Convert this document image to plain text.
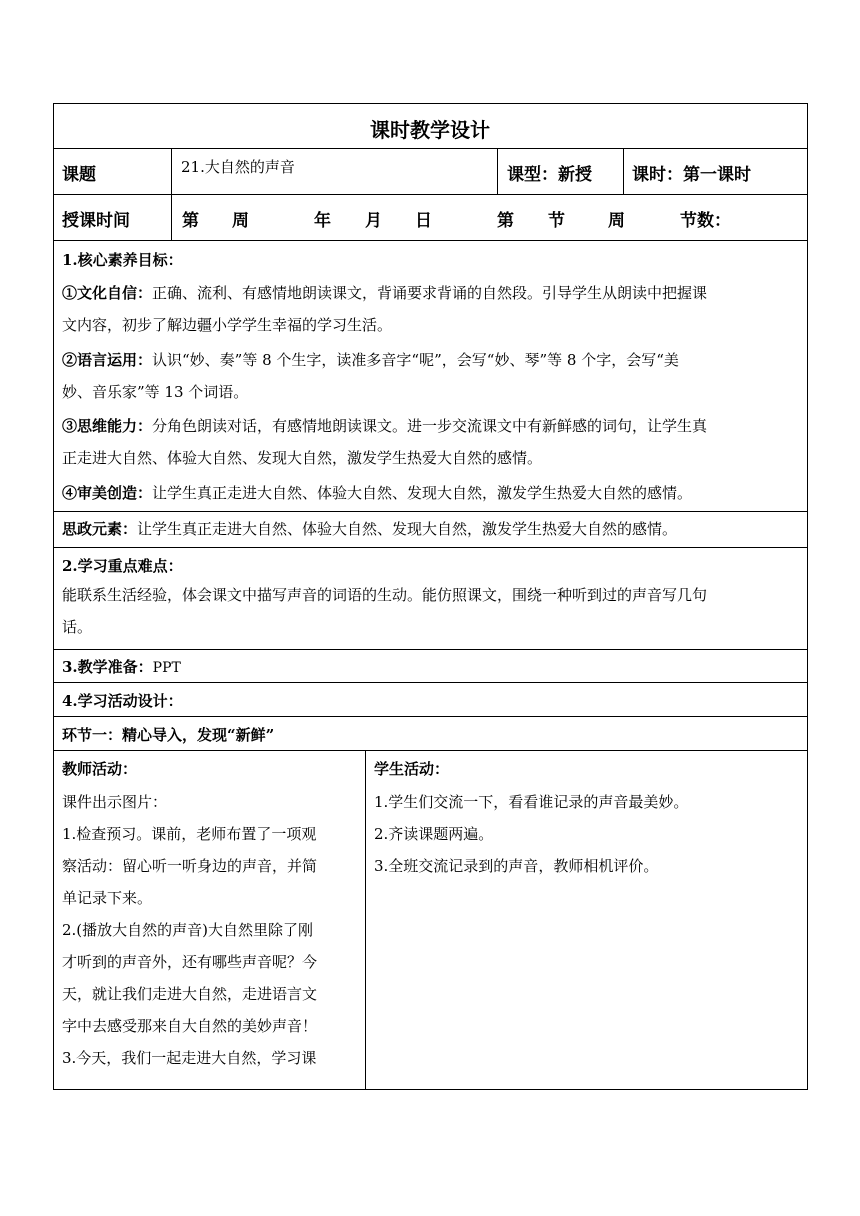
课时教学设计
课题	21.大自然的声音	课型：新授 课时：第一课时
授课时间	第 周	年 月 日	第 节	周	节数：
1.核心素养目标：
①文化自信：正确、流利、有感情地朗读课文，背诵要求背诵的自然段。引导学生从朗读中把握课
文内容，初步了解边疆小学学生幸福的学习生活。
②语言运用：认识“妙、奏”等 8 个生字，读准多音字“呢”，会写“妙、琴”等 8 个字，会写“美
妙、音乐家”等 13 个词语。
③思维能力：分角色朗读对话，有感情地朗读课文。进一步交流课文中有新鲜感的词句，让学生真
正走进大自然、体验大自然、发现大自然，激发学生热爱大自然的感情。
④审美创造：让学生真正走进大自然、体验大自然、发现大自然，激发学生热爱大自然的感情。
思政元素：让学生真正走进大自然、体验大自然、发现大自然，激发学生热爱大自然的感情。
2.学习重点难点：
能联系生活经验，体会课文中描写声音的词语的生动。能仿照课文，围绕一种听到过的声音写几句
话。
3.教学准备：PPT
4.学习活动设计：
环节一：精心导入，发现“新鲜”
教师活动：
课件出示图片：
1.检查预习。课前，老师布置了一项观
察活动：留心听一听身边的声音，并简
单记录下来。
2.(播放大自然的声音)大自然里除了刚
才听到的声音外，还有哪些声音呢？今
天，就让我们走进大自然，走进语言文
字中去感受那来自大自然的美妙声音！
3.今天，我们一起走进大自然，学习课
学生活动：
1.学生们交流一下，看看谁记录的声音最美妙。
2.齐读课题两遍。
3.全班交流记录到的声音，教师相机评价。
